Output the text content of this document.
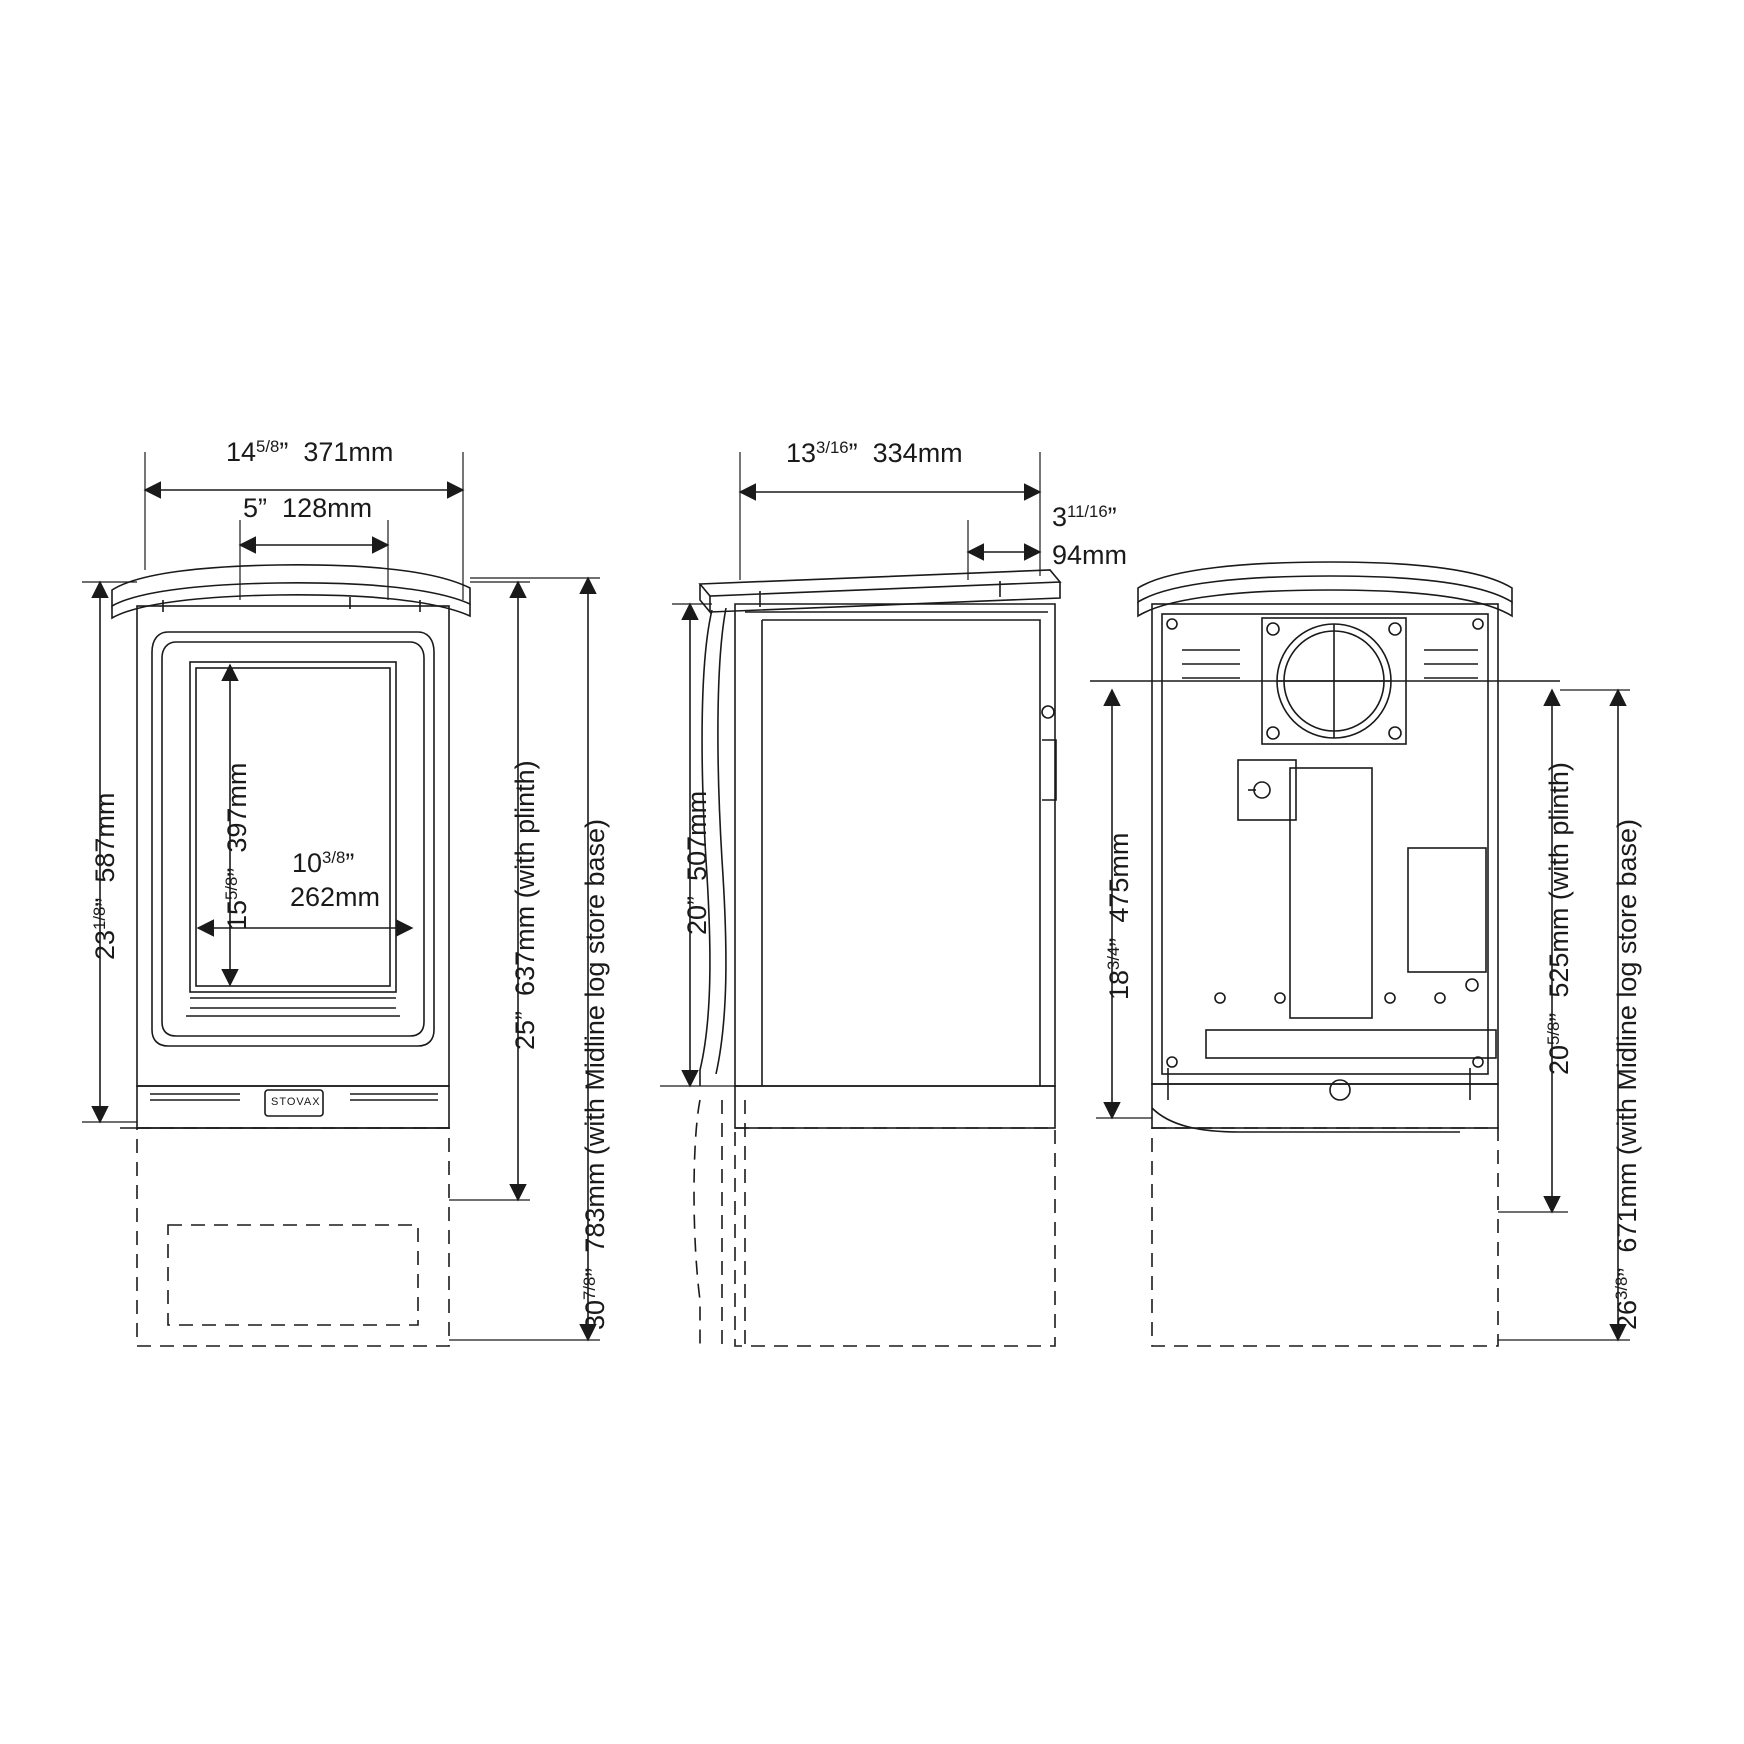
$14^{5/8}$” 371mm
5” 128mm
$23^{1/8}$”  587mm
$15^{5/8}$”  397mm
$10^{3/8}$”
262mm
25”  637mm (with plinth)
$30^{7/8}$”  783mm (with Midline log store base)
$13^{3/16}$” 334mm
$3^{11/16}$”
94mm
20”  507mm
$18^{3/4}$”  475mm
$20^{5/8}$”  525mm (with plinth)
$26^{3/8}$”  671mm (with Midline log store base)
STOVAX
